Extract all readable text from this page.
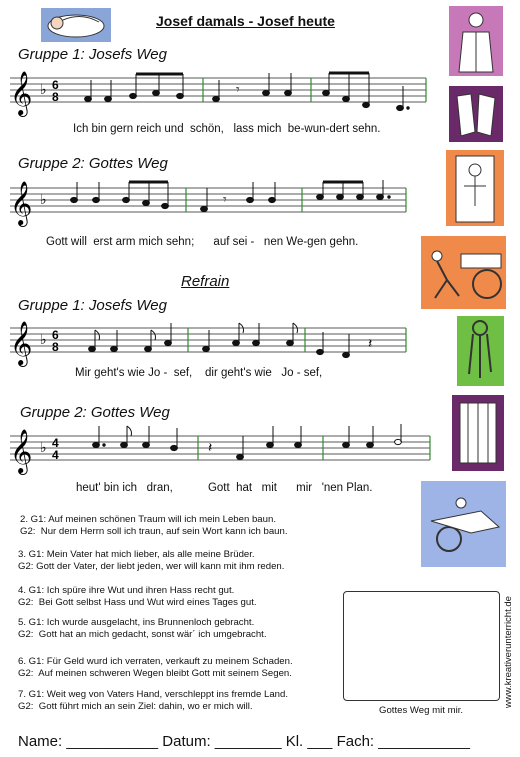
Josef damals - Josef heute
Gruppe 1: Josefs Weg
𝄞 ♭ 6
8	𝄾
Ich bin gern reich und  schön,   lass mich  be-wun-dert sehn.
Gruppe 2: Gottes Weg
𝄞 ♭	𝄾
Gott will  erst arm mich sehn;      auf sei -   nen We-gen gehn.
Refrain
Gruppe 1: Josefs Weg
𝄞 ♭ 6
8	𝄽
Mir geht's wie Jo -  sef,    dir geht's wie   Jo - sef,
Gruppe 2: Gottes Weg
𝄞 ♭ 4
4	𝄽
heut' bin ich   dran,           Gott  hat   mit      mir   'nen Plan.
2. G1: Auf meinen schönen Traum will ich mein Leben baun.
G2:  Nur dem Herrn soll ich traun, auf sein Wort kann ich baun.
3. G1: Mein Vater hat mich lieber, als alle meine Brüder.
G2: Gott der Vater, der liebt jeden, wer will kann mit ihm reden.
4. G1: Ich spüre ihre Wut und ihren Hass recht gut.
G2:  Bei Gott selbst Hass und Wut wird eines Tages gut.
5. G1: Ich wurde ausgelacht, ins Brunnenloch gebracht.
G2:  Gott hat an mich gedacht, sonst wär´ ich umgebracht.
6. G1: Für Geld wurd ich verraten, verkauft zu meinem Schaden.
G2:  Auf meinen schweren Wegen bleibt Gott mit seinem Segen.
7. G1: Weit weg von Vaters Hand, verschleppt ins fremde Land.
G2:  Gott führt mich an sein Ziel: dahin, wo er mich will.	Gottes Weg mit mir.
www.kreativerunterricht.de
Name: ___________ Datum: ________ Kl. ___ Fach: ___________
